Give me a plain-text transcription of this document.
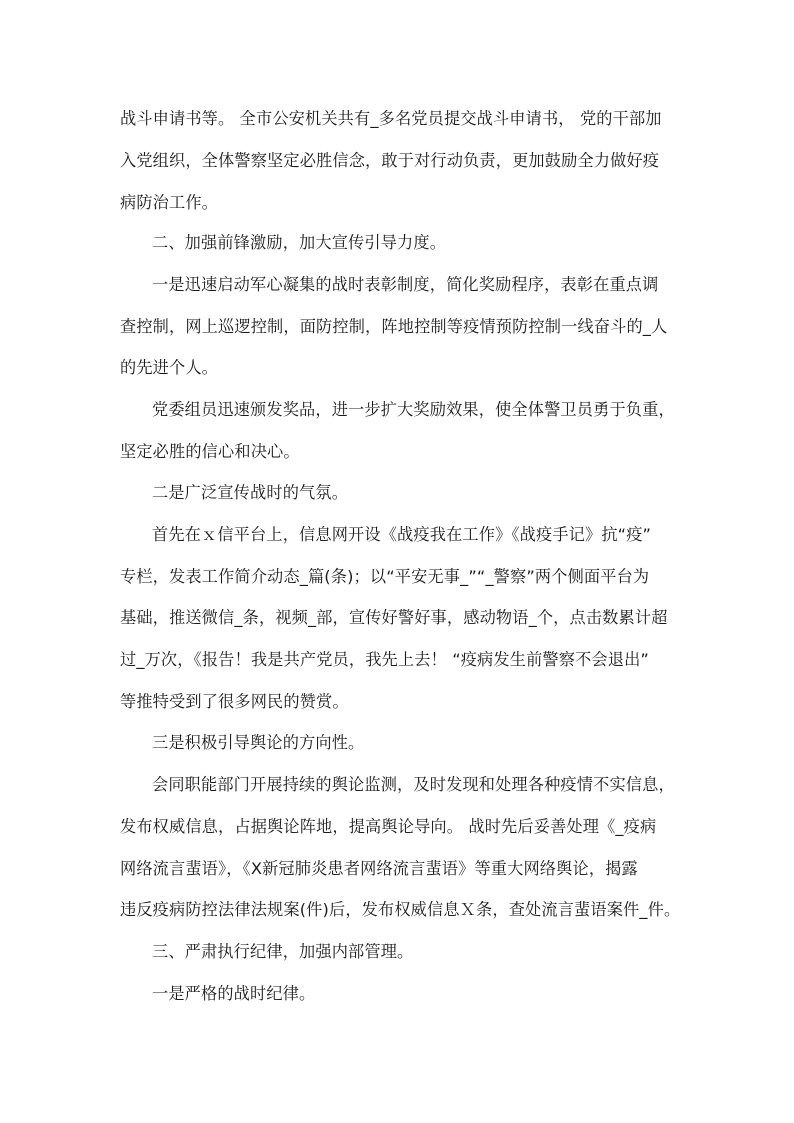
战斗申请书等。 全市公安机关共有_多名党员提交战斗申请书， 党的干部加
入党组织，全体警察坚定必胜信念，敢于对行动负责，更加鼓励全力做好疫
病防治工作。
二、加强前锋激励，加大宣传引导力度。
一是迅速启动军心凝集的战时表彰制度，简化奖励程序，表彰在重点调
查控制，网上巡逻控制，面防控制，阵地控制等疫情预防控制一线奋斗的_人
的先进个人。
党委组员迅速颁发奖品，进一步扩大奖励效果，使全体警卫员勇于负重，
坚定必胜的信心和决心。
二是广泛宣传战时的气氛。
首先在ｘ信平台上，信息网开设《战疫我在工作》《战疫手记》抗“疫”
专栏，发表工作简介动态_篇(条)；以“平安无事_”“_警察”两个侧面平台为
基础，推送微信_条，视频_部，宣传好警好事，感动物语_个，点击数累计超
过_万次，《报告！我是共产党员，我先上去！ “疫病发生前警察不会退出”
等推特受到了很多网民的赞赏。
三是积极引导舆论的方向性。
会同职能部门开展持续的舆论监测，及时发现和处理各种疫情不实信息，
发布权威信息，占据舆论阵地，提高舆论导向。 战时先后妥善处理《_疫病
网络流言蜚语》，《X新冠肺炎患者网络流言蜚语》等重大网络舆论，揭露
违反疫病防控法律法规案(件)后，发布权威信息Ｘ条，查处流言蜚语案件_件。
三、严肃执行纪律，加强内部管理。
一是严格的战时纪律。
